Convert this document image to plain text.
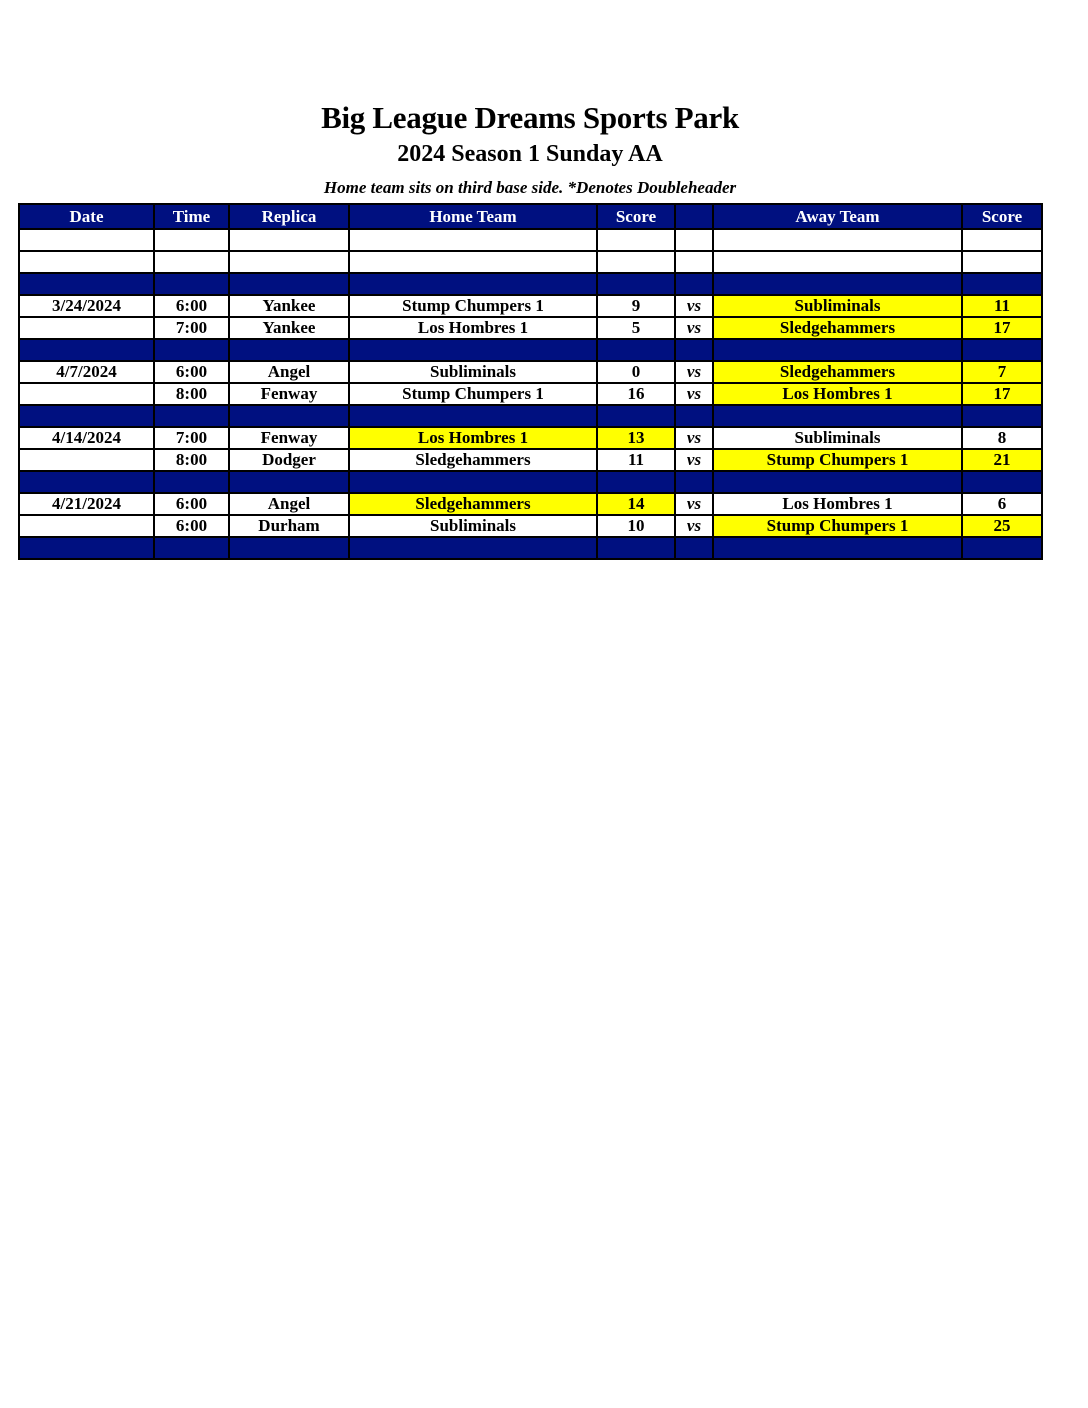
Big League Dreams Sports Park
2024 Season 1 Sunday AA
Home team sits on third base side. *Denotes Doubleheader
Date	Time	Replica	Home Team	Score		Away Team	Score

3/24/2024	6:00	Yankee	Stump Chumpers 1	9	vs	Subliminals	11
	7:00	Yankee	Los Hombres 1	5	vs	Sledgehammers	17

4/7/2024	6:00	Angel	Subliminals	0	vs	Sledgehammers	7
	8:00	Fenway	Stump Chumpers 1	16	vs	Los Hombres 1	17

4/14/2024	7:00	Fenway	Los Hombres 1	13	vs	Subliminals	8
	8:00	Dodger	Sledgehammers	11	vs	Stump Chumpers 1	21

4/21/2024	6:00	Angel	Sledgehammers	14	vs	Los Hombres 1	6
	6:00	Durham	Subliminals	10	vs	Stump Chumpers 1	25
